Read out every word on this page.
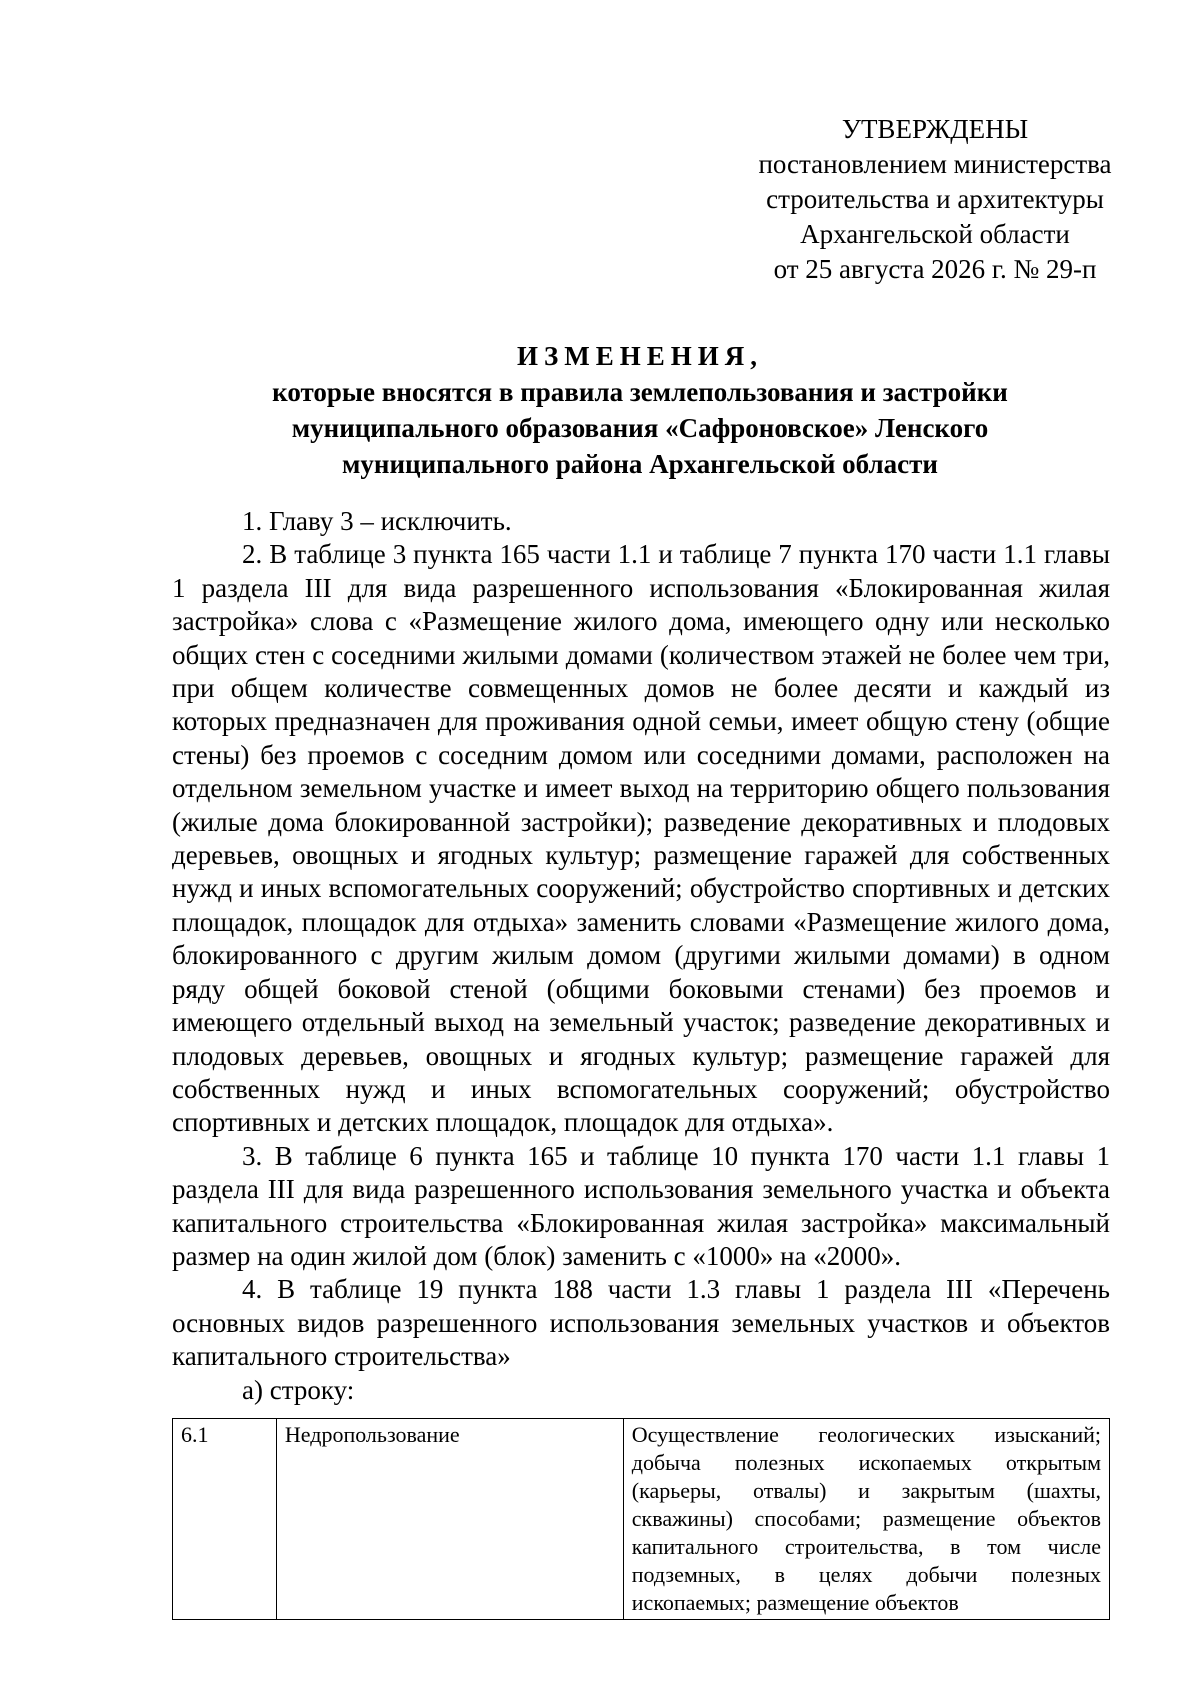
УТВЕРЖДЕНЫ
постановлением министерства
строительства и архитектуры
Архангельской области
от 25 августа 2026 г. № 29-п
ИЗМЕНЕНИЯ,
которые вносятся в правила землепользования и застройки
муниципального образования «Сафроновское» Ленского
муниципального района Архангельской области

1. Главу 3 – исключить.

2. В таблице 3 пункта 165 части 1.1 и таблице 7 пункта 170 части 1.1 главы 1 раздела III для вида разрешенного использования «Блокированная жилая застройка» слова с «Размещение жилого дома, имеющего одну или несколько общих стен с соседними жилыми домами (количеством этажей не более чем три, при общем количестве совмещенных домов не более десяти и каждый из которых предназначен для проживания одной семьи, имеет общую стену (общие стены) без проемов с соседним домом или соседними домами, расположен на отдельном земельном участке и имеет выход на территорию общего пользования (жилые дома блокированной застройки); разведение декоративных и плодовых деревьев, овощных и ягодных культур; размещение гаражей для собственных нужд и иных вспомогательных сооружений; обустройство спортивных и детских площадок, площадок для отдыха» заменить словами «Размещение жилого дома, блокированного с другим жилым домом (другими жилыми домами) в одном ряду общей боковой стеной (общими боковыми стенами) без проемов и имеющего отдельный выход на земельный участок; разведение декоративных и плодовых деревьев, овощных и ягодных культур; размещение гаражей для собственных нужд и иных вспомогательных сооружений; обустройство спортивных и детских площадок, площадок для отдыха».

3. В таблице 6 пункта 165 и таблице 10 пункта 170 части 1.1 главы 1 раздела III для вида разрешенного использования земельного участка и объекта капитального строительства «Блокированная жилая застройка» максимальный размер на один жилой дом (блок) заменить с «1000» на «2000».

4. В таблице 19 пункта 188 части 1.3 главы 1 раздела III «Перечень основных видов разрешенного использования земельных участков и объектов капитального строительства»

а) строку:

6.1	Недропользование	Осуществление геологических изысканий; добыча полезных ископаемых открытым (карьеры, отвалы) и закрытым (шахты, скважины) способами; размещение объектов капитального строительства, в том числе подземных, в целях добычи полезных ископаемых; размещение объектов
